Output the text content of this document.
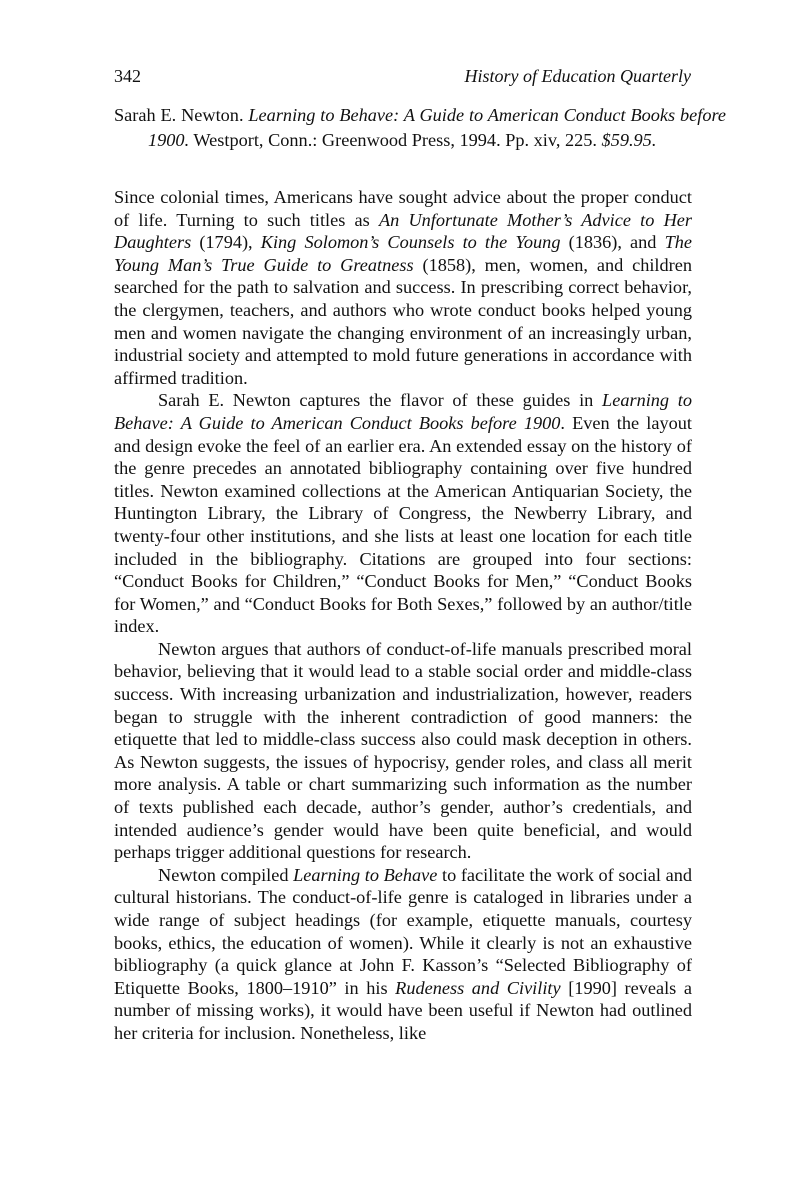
342	History of Education Quarterly
Sarah E. Newton. Learning to Behave: A Guide to American Conduct Books before 1900. Westport, Conn.: Greenwood Press, 1994. Pp. xiv, 225. $59.95.

Since colonial times, Americans have sought advice about the proper conduct of life. Turning to such titles as An Unfortunate Mother’s Advice to Her Daughters (1794), King Solomon’s Counsels to the Young (1836), and The Young Man’s True Guide to Greatness (1858), men, women, and children searched for the path to salvation and success. In prescribing correct behavior, the clergymen, teachers, and authors who wrote conduct books helped young men and women navigate the changing environment of an increasingly urban, industrial society and attempted to mold future generations in accordance with affirmed tradition.

Sarah E. Newton captures the flavor of these guides in Learning to Behave: A Guide to American Conduct Books before 1900. Even the layout and design evoke the feel of an earlier era. An extended essay on the history of the genre precedes an annotated bibliography containing over five hundred titles. Newton examined collections at the American Antiquarian Society, the Huntington Library, the Library of Congress, the Newberry Library, and twenty-four other institutions, and she lists at least one location for each title included in the bibliography. Citations are grouped into four sections: “Conduct Books for Children,” “Conduct Books for Men,” “Conduct Books for Women,” and “Conduct Books for Both Sexes,” followed by an author/title index.

Newton argues that authors of conduct-of-life manuals prescribed moral behavior, believing that it would lead to a stable social order and middle-class success. With increasing urbanization and industrialization, however, readers began to struggle with the inherent contradiction of good manners: the etiquette that led to middle-class success also could mask deception in others. As Newton suggests, the issues of hypocrisy, gender roles, and class all merit more analysis. A table or chart summarizing such information as the number of texts published each decade, author’s gender, author’s credentials, and intended audience’s gender would have been quite beneficial, and would perhaps trigger additional questions for research.

Newton compiled Learning to Behave to facilitate the work of social and cultural historians. The conduct-of-life genre is cataloged in libraries under a wide range of subject headings (for example, etiquette manuals, courtesy books, ethics, the education of women). While it clearly is not an exhaustive bibliography (a quick glance at John F. Kasson’s “Selected Bibliography of Etiquette Books, 1800–1910” in his Rudeness and Civility [1990] reveals a number of missing works), it would have been useful if Newton had outlined her criteria for inclusion. Nonetheless, like
